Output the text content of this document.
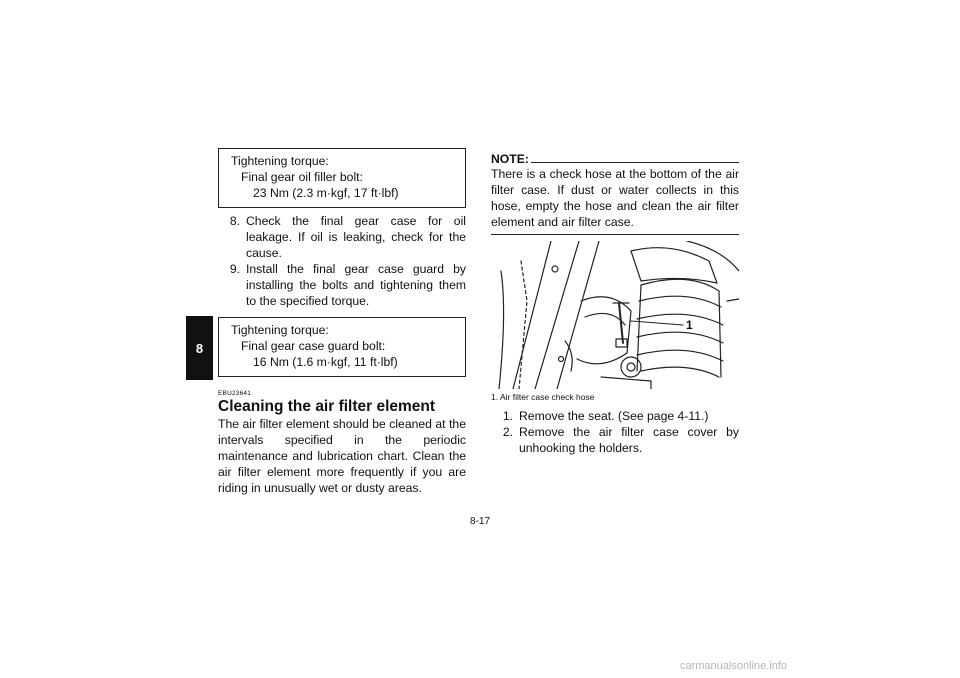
8
Tightening torque:
Final gear oil filler bolt:
23 Nm (2.3 m·kgf, 17 ft·lbf)
8. Check the final gear case for oil leakage. If oil is leaking, check for the cause.
9. Install the final gear case guard by installing the bolts and tightening them to the specified torque.
Tightening torque:
Final gear case guard bolt:
16 Nm (1.6 m·kgf, 11 ft·lbf)
EBU23641
Cleaning the air filter element

The air filter element should be cleaned at the intervals specified in the periodic maintenance and lubrication chart. Clean the air filter element more frequently if you are riding in unusually wet or dusty areas.

NOTE:

There is a check hose at the bottom of the air filter case. If dust or water collects in this hose, empty the hose and clean the air filter element and air filter case.

1
1. Air filter case check hose
1. Remove the seat. (See page 4-11.)
2. Remove the air filter case cover by unhooking the holders.
8-17
carmanualsonline.info
